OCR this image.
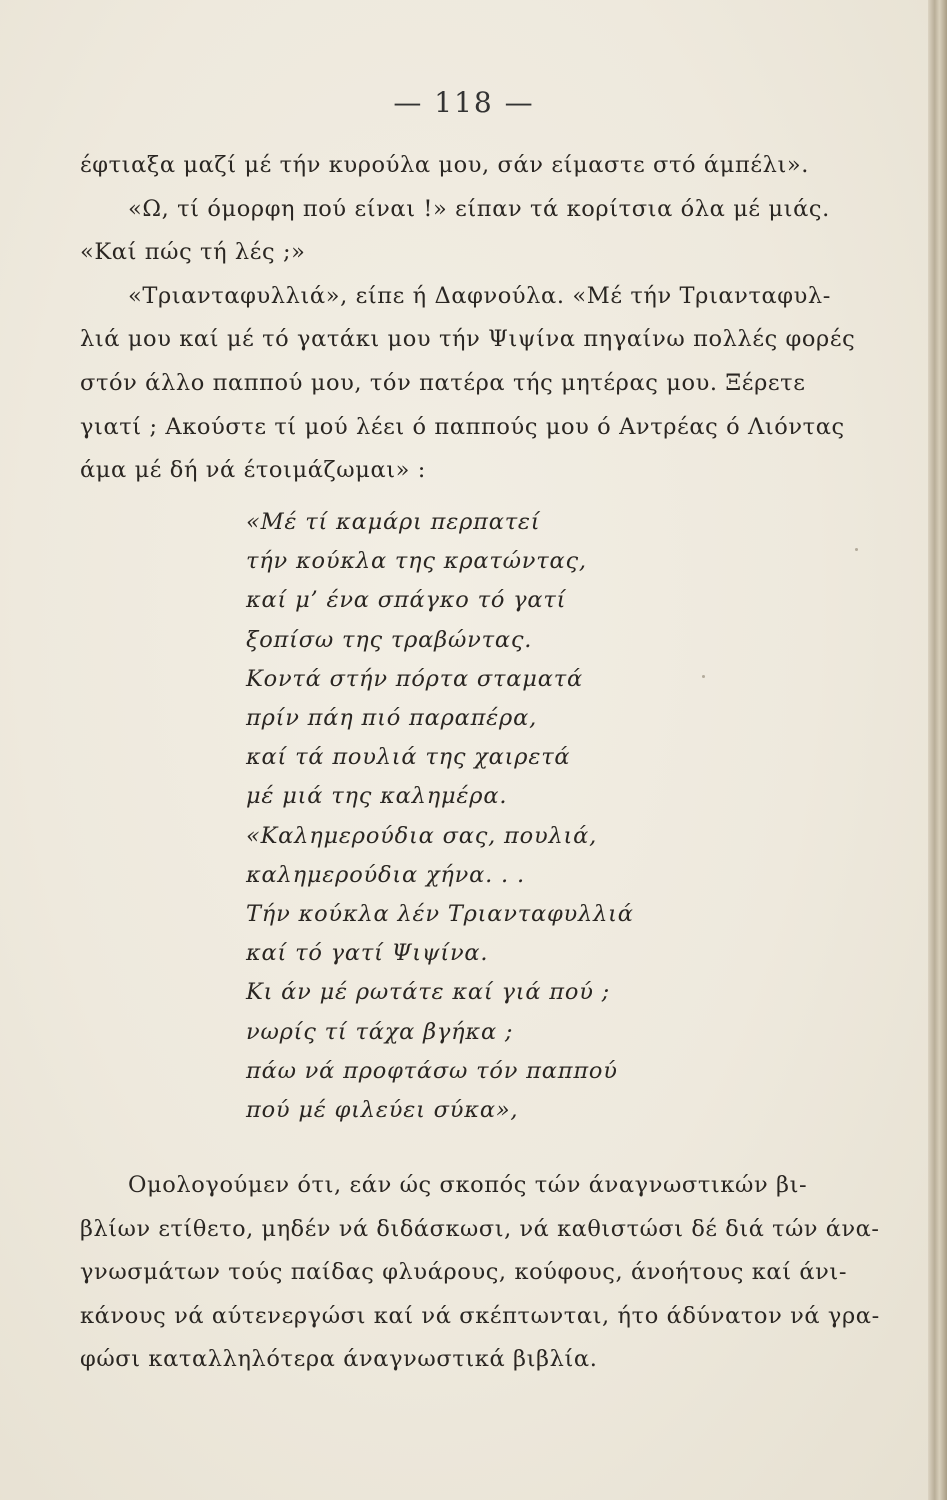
— 118 —
έφτιαξα μαζί μέ τήν κυρούλα μου, σάν είμαστε στό άμπέλι».
«Ω, τί όμορφη πού είναι !» είπαν τά κορίτσια όλα μέ μιάς.
«Καί πώς τή λές ;»
«Τριανταφυλλιά», είπε ή Δαφνούλα. «Μέ τήν Τριανταφυλ-
λιά μου καί μέ τό γατάκι μου τήν Ψιψίνα πηγαίνω πολλές φορές
στόν άλλο παππού μου, τόν πατέρα τής μητέρας μου. Ξέρετε
γιατί ; Ακούστε τί μού λέει ό παππούς μου ό Αντρέας ό Λιόντας
άμα μέ δή νά έτοιμάζωμαι» :
«Μέ τί καμάρι περπατεί
τήν κούκλα της κρατώντας,
καί μ’ ένα σπάγκο τό γατί
ξοπίσω της τραβώντας.
Κοντά στήν πόρτα σταματά
πρίν πάη πιό παραπέρα,
καί τά πουλιά της χαιρετά
μέ μιά της καλημέρα.
«Καλημερούδια σας, πουλιά,
καλημερούδια χήνα. . .
Τήν κούκλα λέν Τριανταφυλλιά
καί τό γατί Ψιψίνα.
Κι άν μέ ρωτάτε καί γιά πού ;
νωρίς τί τάχα βγήκα ;
πάω νά προφτάσω τόν παππού
πού μέ φιλεύει σύκα»,
Ομολογούμεν ότι, εάν ώς σκοπός τών άναγνωστικών βι-
βλίων ετίθετο, μηδέν νά διδάσκωσι, νά καθιστώσι δέ διά τών άνα-
γνωσμάτων τούς παίδας φλυάρους, κούφους, άνοήτους καί άνι-
κάνους νά αύτενεργώσι καί νά σκέπτωνται, ήτο άδύνατον νά γρα-
φώσι καταλληλότερα άναγνωστικά βιβλία.
